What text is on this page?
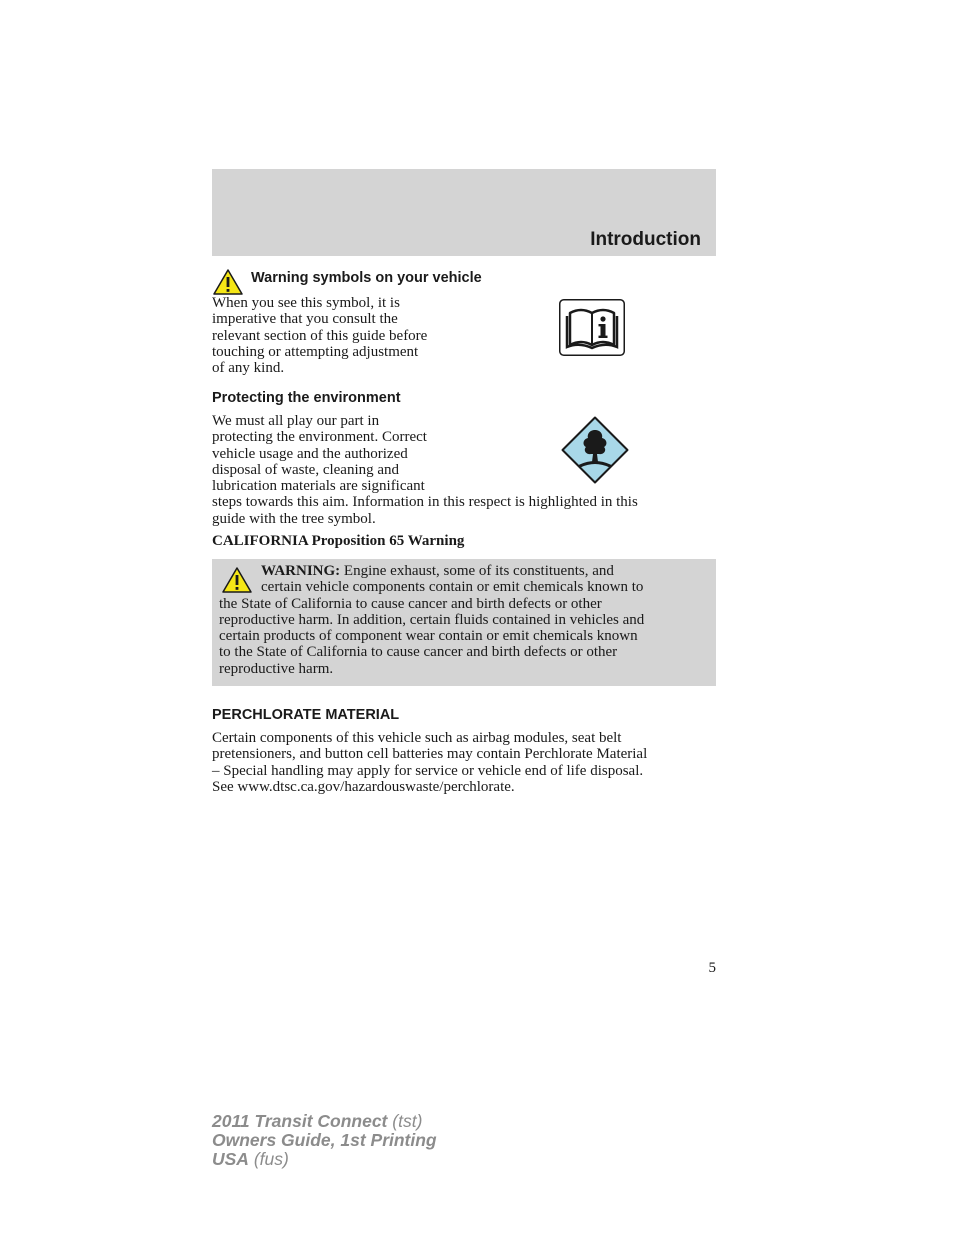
Introduction
Warning symbols on your vehicle
When you see this symbol, it is
imperative that you consult the
relevant section of this guide before
touching or attempting adjustment
of any kind.
Protecting the environment
We must all play our part in
protecting the environment. Correct
vehicle usage and the authorized
disposal of waste, cleaning and
lubrication materials are significant
steps towards this aim. Information in this respect is highlighted in this
guide with the tree symbol.
CALIFORNIA Proposition 65 Warning
WARNING: Engine exhaust, some of its constituents, and
certain vehicle components contain or emit chemicals known to
the State of California to cause cancer and birth defects or other
reproductive harm. In addition, certain fluids contained in vehicles and
certain products of component wear contain or emit chemicals known
to the State of California to cause cancer and birth defects or other
reproductive harm.
PERCHLORATE MATERIAL
Certain components of this vehicle such as airbag modules, seat belt
pretensioners, and button cell batteries may contain Perchlorate Material
– Special handling may apply for service or vehicle end of life disposal.
See www.dtsc.ca.gov/hazardouswaste/perchlorate.
5
2011 Transit Connect (tst)
Owners Guide, 1st Printing
USA (fus)
